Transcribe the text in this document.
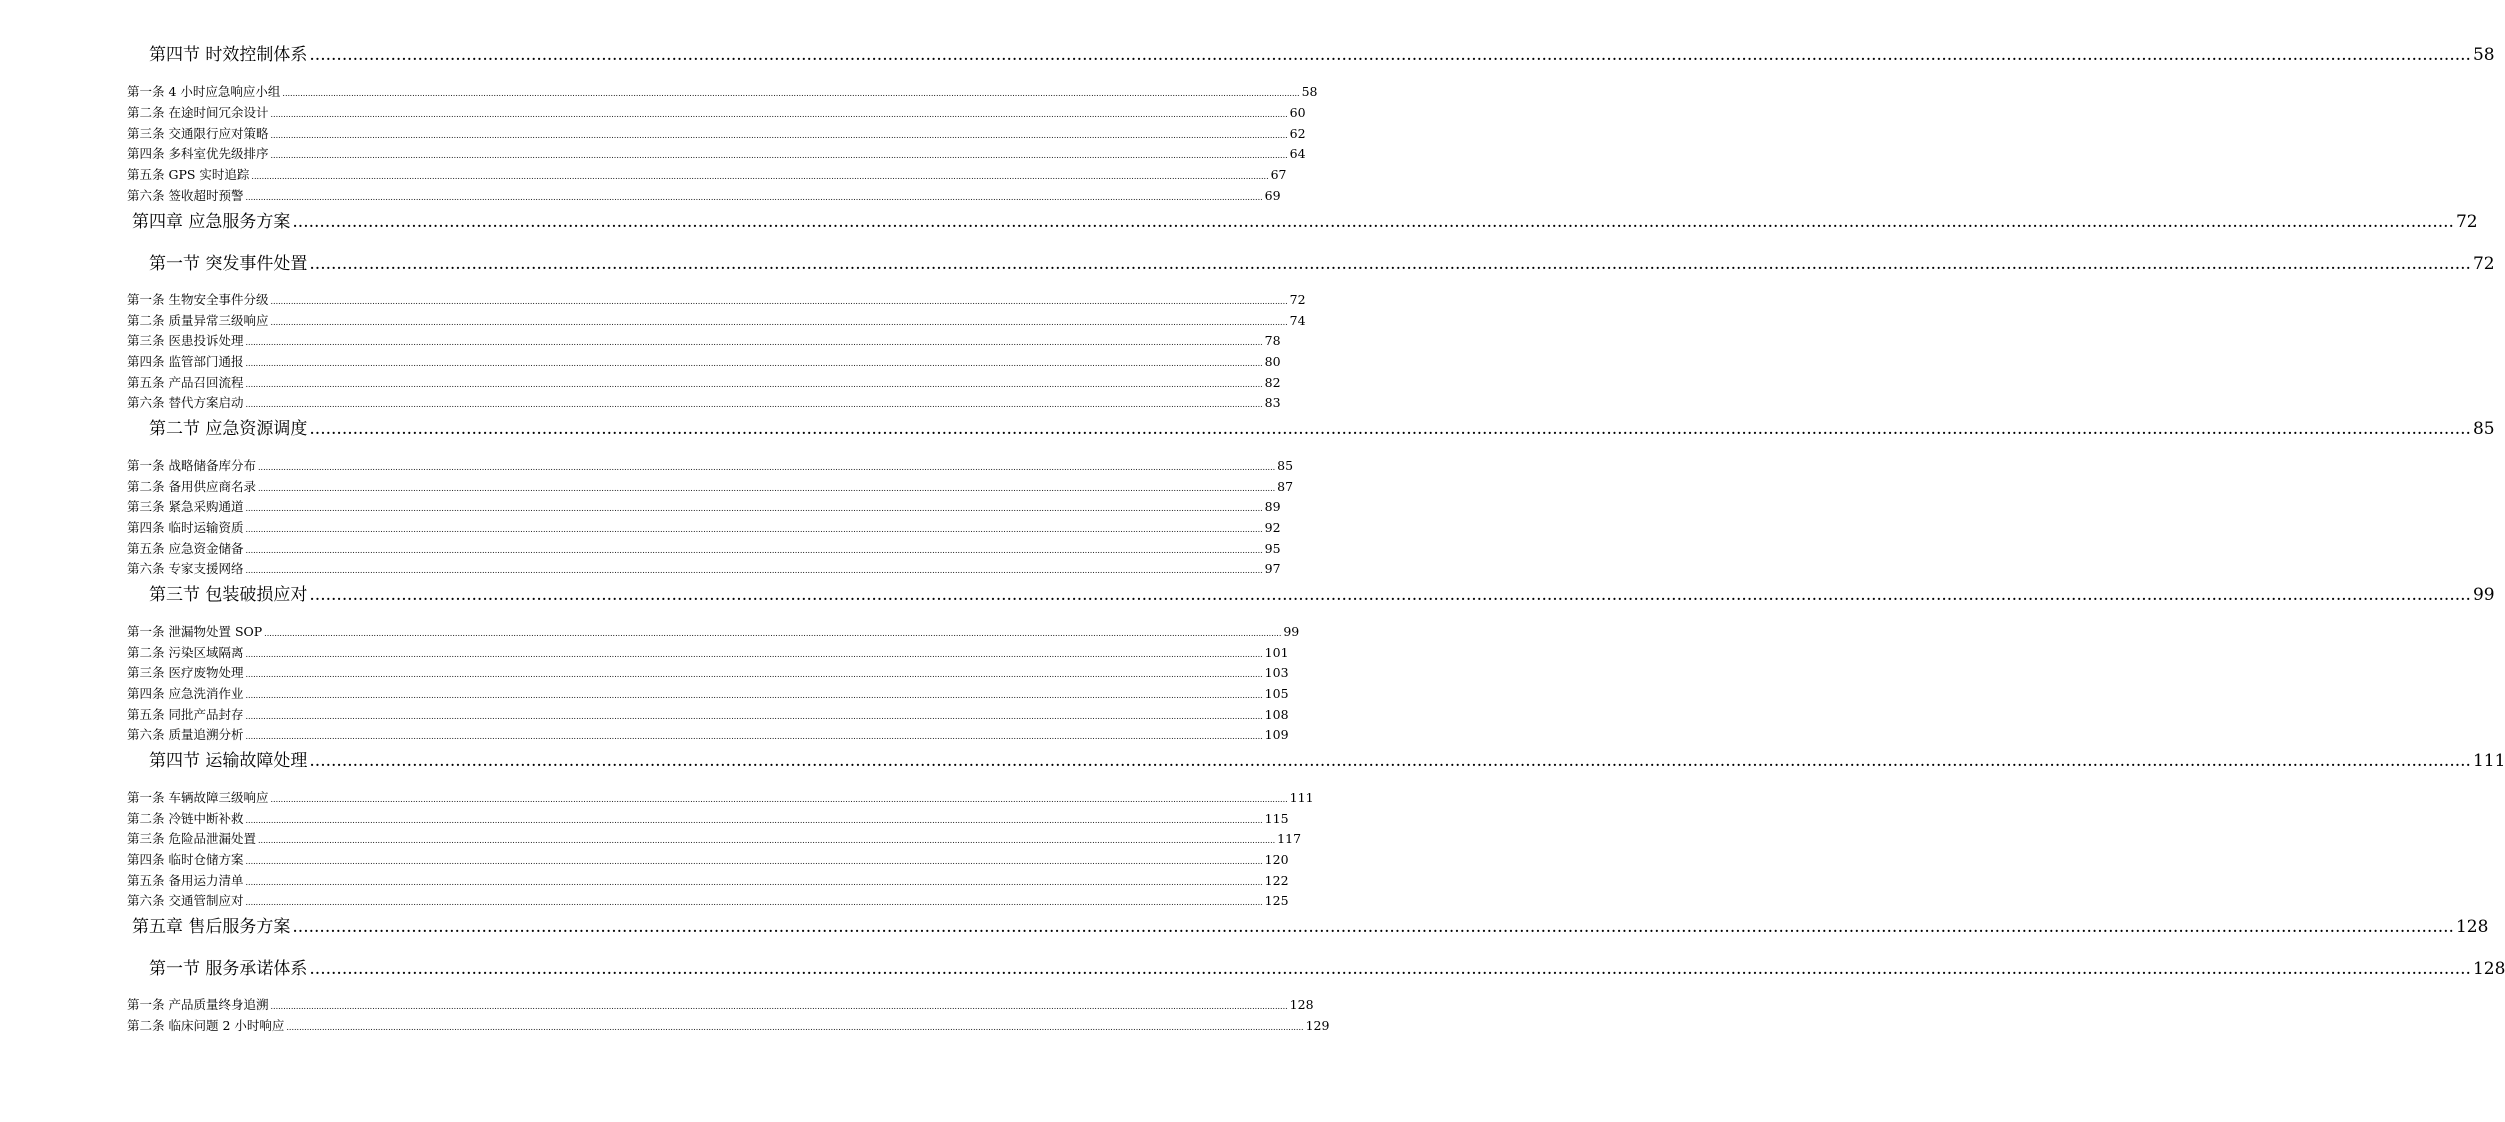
第四节 时效控制体系 ................................................................................................................................................................................................................................................................................................................................................................................................................ 58
第一条 4 小时应急响应小组 ................................................................................................................................................................................................................................................................................................................................................................................................................ 58
第二条 在途时间冗余设计 ................................................................................................................................................................................................................................................................................................................................................................................................................ 60
第三条 交通限行应对策略 ................................................................................................................................................................................................................................................................................................................................................................................................................ 62
第四条 多科室优先级排序 ................................................................................................................................................................................................................................................................................................................................................................................................................ 64
第五条 GPS 实时追踪 ................................................................................................................................................................................................................................................................................................................................................................................................................ 67
第六条 签收超时预警 ................................................................................................................................................................................................................................................................................................................................................................................................................ 69
第四章 应急服务方案 ................................................................................................................................................................................................................................................................................................................................................................................................................ 72
第一节 突发事件处置 ................................................................................................................................................................................................................................................................................................................................................................................................................ 72
第一条 生物安全事件分级 ................................................................................................................................................................................................................................................................................................................................................................................................................ 72
第二条 质量异常三级响应 ................................................................................................................................................................................................................................................................................................................................................................................................................ 74
第三条 医患投诉处理 ................................................................................................................................................................................................................................................................................................................................................................................................................ 78
第四条 监管部门通报 ................................................................................................................................................................................................................................................................................................................................................................................................................ 80
第五条 产品召回流程 ................................................................................................................................................................................................................................................................................................................................................................................................................ 82
第六条 替代方案启动 ................................................................................................................................................................................................................................................................................................................................................................................................................ 83
第二节 应急资源调度 ................................................................................................................................................................................................................................................................................................................................................................................................................ 85
第一条 战略储备库分布 ................................................................................................................................................................................................................................................................................................................................................................................................................ 85
第二条 备用供应商名录 ................................................................................................................................................................................................................................................................................................................................................................................................................ 87
第三条 紧急采购通道 ................................................................................................................................................................................................................................................................................................................................................................................................................ 89
第四条 临时运输资质 ................................................................................................................................................................................................................................................................................................................................................................................................................ 92
第五条 应急资金储备 ................................................................................................................................................................................................................................................................................................................................................................................................................ 95
第六条 专家支援网络 ................................................................................................................................................................................................................................................................................................................................................................................................................ 97
第三节 包装破损应对 ................................................................................................................................................................................................................................................................................................................................................................................................................ 99
第一条 泄漏物处置 SOP ................................................................................................................................................................................................................................................................................................................................................................................................................ 99
第二条 污染区域隔离 ................................................................................................................................................................................................................................................................................................................................................................................................................ 101
第三条 医疗废物处理 ................................................................................................................................................................................................................................................................................................................................................................................................................ 103
第四条 应急洗消作业 ................................................................................................................................................................................................................................................................................................................................................................................................................ 105
第五条 同批产品封存 ................................................................................................................................................................................................................................................................................................................................................................................................................ 108
第六条 质量追溯分析 ................................................................................................................................................................................................................................................................................................................................................................................................................ 109
第四节 运输故障处理 ................................................................................................................................................................................................................................................................................................................................................................................................................ 111
第一条 车辆故障三级响应 ................................................................................................................................................................................................................................................................................................................................................................................................................ 111
第二条 冷链中断补救 ................................................................................................................................................................................................................................................................................................................................................................................................................ 115
第三条 危险品泄漏处置 ................................................................................................................................................................................................................................................................................................................................................................................................................ 117
第四条 临时仓储方案 ................................................................................................................................................................................................................................................................................................................................................................................................................ 120
第五条 备用运力清单 ................................................................................................................................................................................................................................................................................................................................................................................................................ 122
第六条 交通管制应对 ................................................................................................................................................................................................................................................................................................................................................................................................................ 125
第五章 售后服务方案 ................................................................................................................................................................................................................................................................................................................................................................................................................ 128
第一节 服务承诺体系 ................................................................................................................................................................................................................................................................................................................................................................................................................ 128
第一条 产品质量终身追溯 ................................................................................................................................................................................................................................................................................................................................................................................................................ 128
第二条 临床问题 2 小时响应 ................................................................................................................................................................................................................................................................................................................................................................................................................ 129
